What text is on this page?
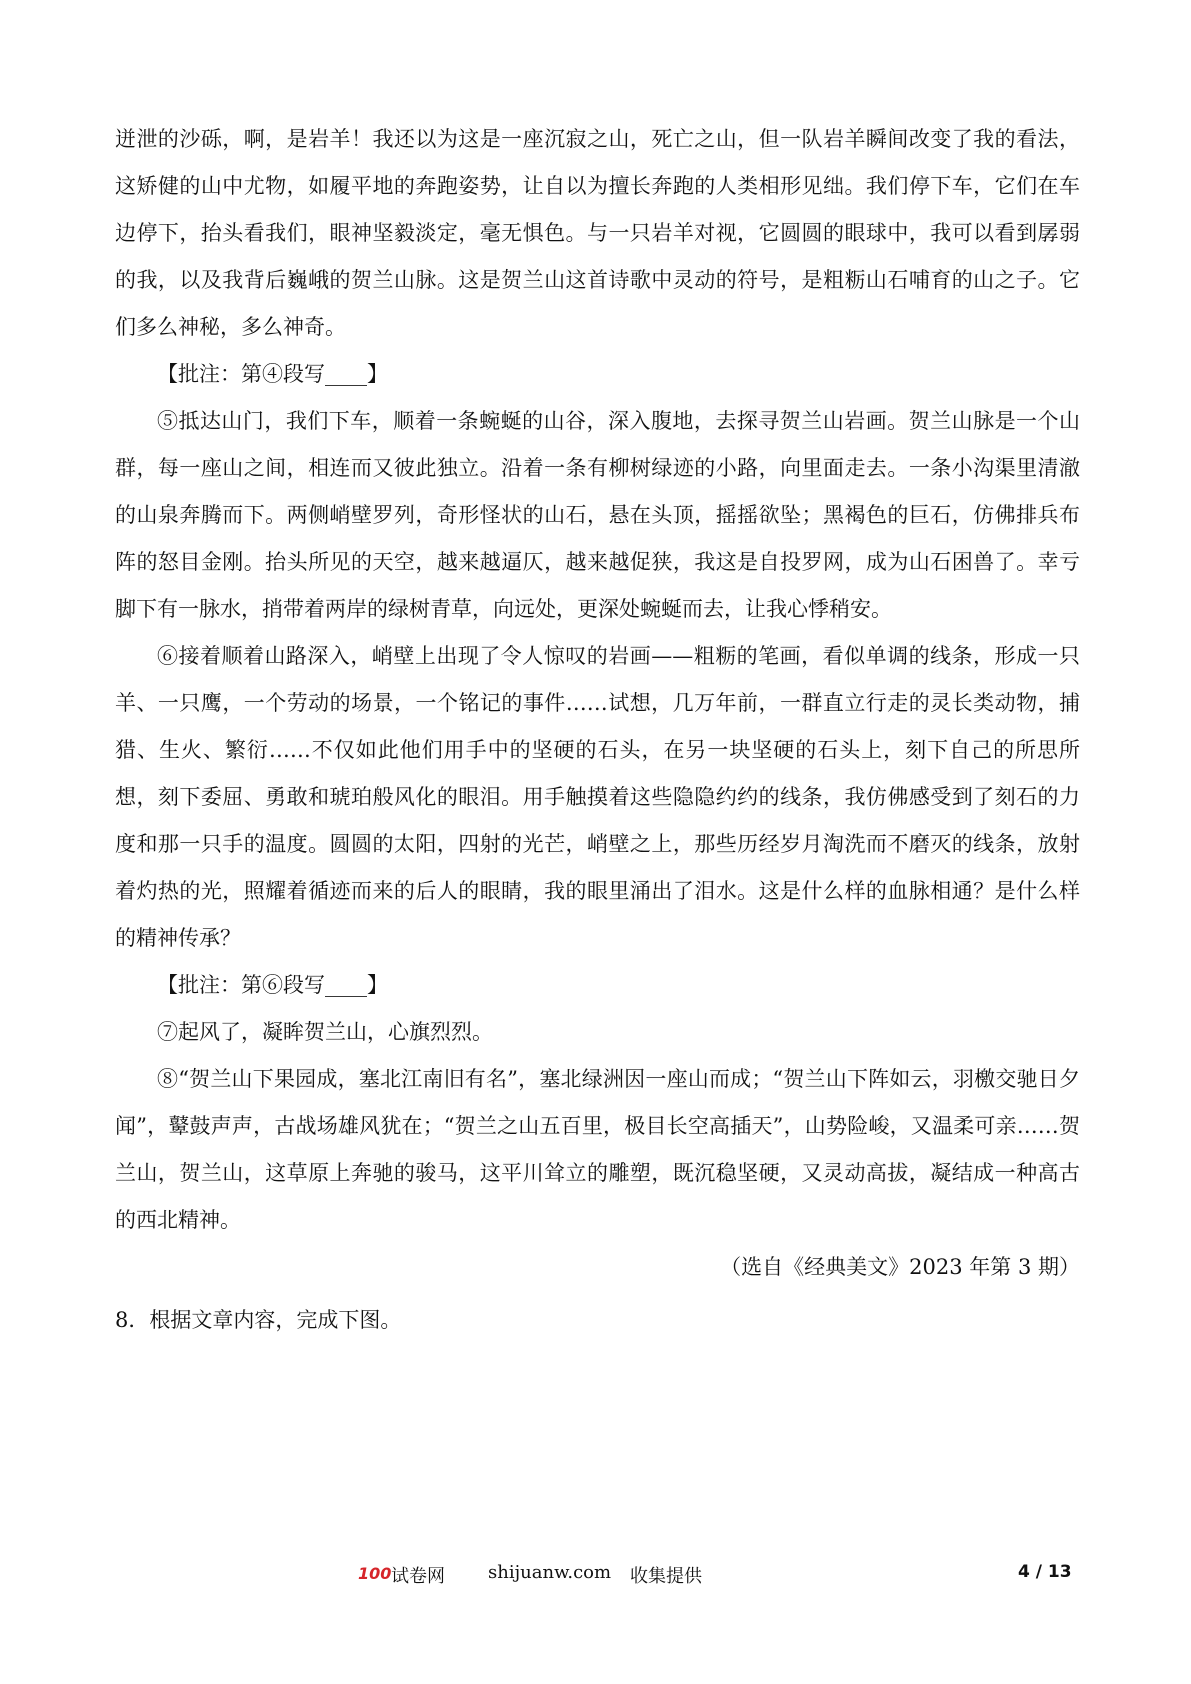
迸泄的沙砾，啊，是岩羊！我还以为这是一座沉寂之山，死亡之山，但一队岩羊瞬间改变了我的看法，这矫健的山中尤物，如履平地的奔跑姿势，让自以为擅长奔跑的人类相形见绌。我们停下车，它们在车边停下，抬头看我们，眼神坚毅淡定，毫无惧色。与一只岩羊对视，它圆圆的眼球中，我可以看到孱弱的我，以及我背后巍峨的贺兰山脉。这是贺兰山这首诗歌中灵动的符号，是粗粝山石哺育的山之子。它们多么神秘，多么神奇。

【批注：第④段写____】

⑤抵达山门，我们下车，顺着一条蜿蜒的山谷，深入腹地，去探寻贺兰山岩画。贺兰山脉是一个山群，每一座山之间，相连而又彼此独立。沿着一条有柳树绿迹的小路，向里面走去。一条小沟渠里清澈的山泉奔腾而下。两侧峭壁罗列，奇形怪状的山石，悬在头顶，摇摇欲坠；黑褐色的巨石，仿佛排兵布阵的怒目金刚。抬头所见的天空，越来越逼仄，越来越促狭，我这是自投罗网，成为山石困兽了。幸亏脚下有一脉水，捎带着两岸的绿树青草，向远处，更深处蜿蜒而去，让我心悸稍安。

⑥接着顺着山路深入，峭壁上出现了令人惊叹的岩画——粗粝的笔画，看似单调的线条，形成一只羊、一只鹰，一个劳动的场景，一个铭记的事件……试想，几万年前，一群直立行走的灵长类动物，捕猎、生火、繁衍……不仅如此他们用手中的坚硬的石头，在另一块坚硬的石头上，刻下自己的所思所想，刻下委屈、勇敢和琥珀般风化的眼泪。用手触摸着这些隐隐约约的线条，我仿佛感受到了刻石的力度和那一只手的温度。圆圆的太阳，四射的光芒，峭壁之上，那些历经岁月淘洗而不磨灭的线条，放射着灼热的光，照耀着循迹而来的后人的眼睛，我的眼里涌出了泪水。这是什么样的血脉相通？是什么样的精神传承？

【批注：第⑥段写____】

⑦起风了，凝眸贺兰山，心旗烈烈。

⑧“贺兰山下果园成，塞北江南旧有名”，塞北绿洲因一座山而成；“贺兰山下阵如云，羽檄交驰日夕闻”，鼙鼓声声，古战场雄风犹在；“贺兰之山五百里，极目长空高插天”，山势险峻，又温柔可亲……贺兰山，贺兰山，这草原上奔驰的骏马，这平川耸立的雕塑，既沉稳坚硬，又灵动高拔，凝结成一种高古的西北精神。

（选自《经典美文》2023 年第 3 期）

8．根据文章内容，完成下图。

100 试卷网 shijuanw.com 收集提供	4 / 13
